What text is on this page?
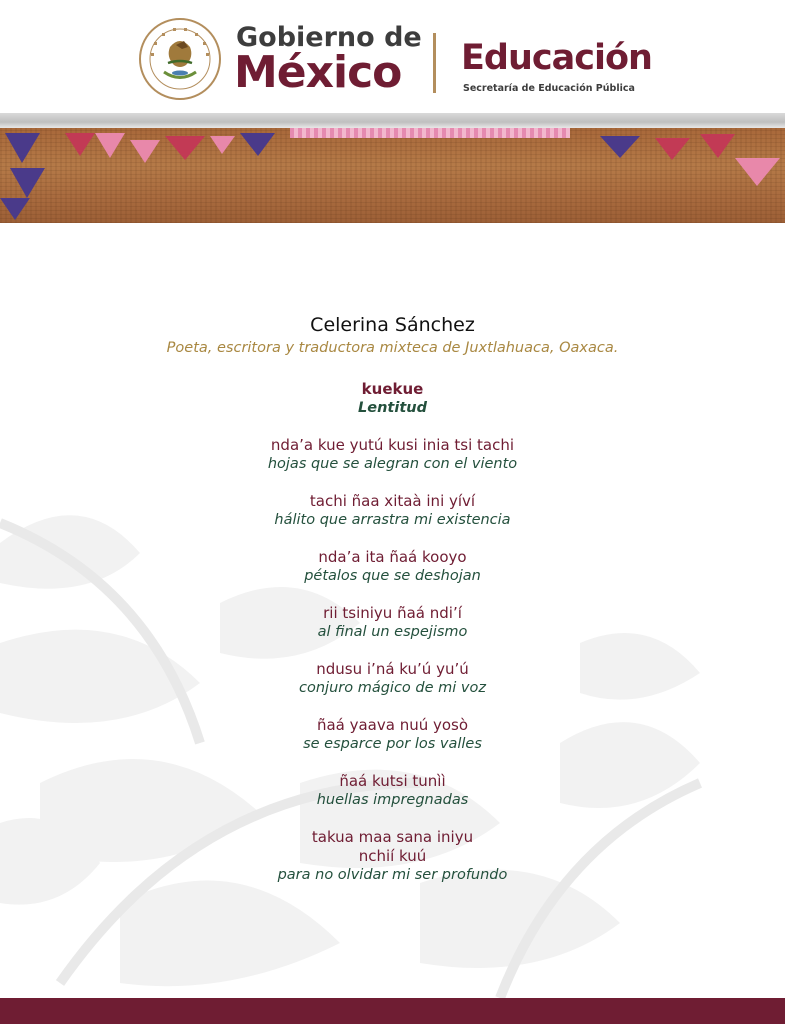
Gobierno de
México Educación
Secretaría de Educación Pública
Celerina Sánchez
Poeta, escritora y traductora mixteca de Juxtlahuaca, Oaxaca.
kuekue
Lentitud
nda’a kue yutú kusi inia tsi tachi
hojas que se alegran con el viento
tachi ñaa xitaà ini yíví
hálito que arrastra mi existencia
nda’a ita ñaá kooyo
pétalos que se deshojan
rii tsiniyu ñaá ndi’í
al final un espejismo
ndusu i’ná ku’ú yu’ú
conjuro mágico de mi voz
ñaá yaava nuú yosò
se esparce por los valles
ñaá kutsi tunìì
huellas impregnadas
takua maa sana iniyu
nchií kuú
para no olvidar mi ser profundo
